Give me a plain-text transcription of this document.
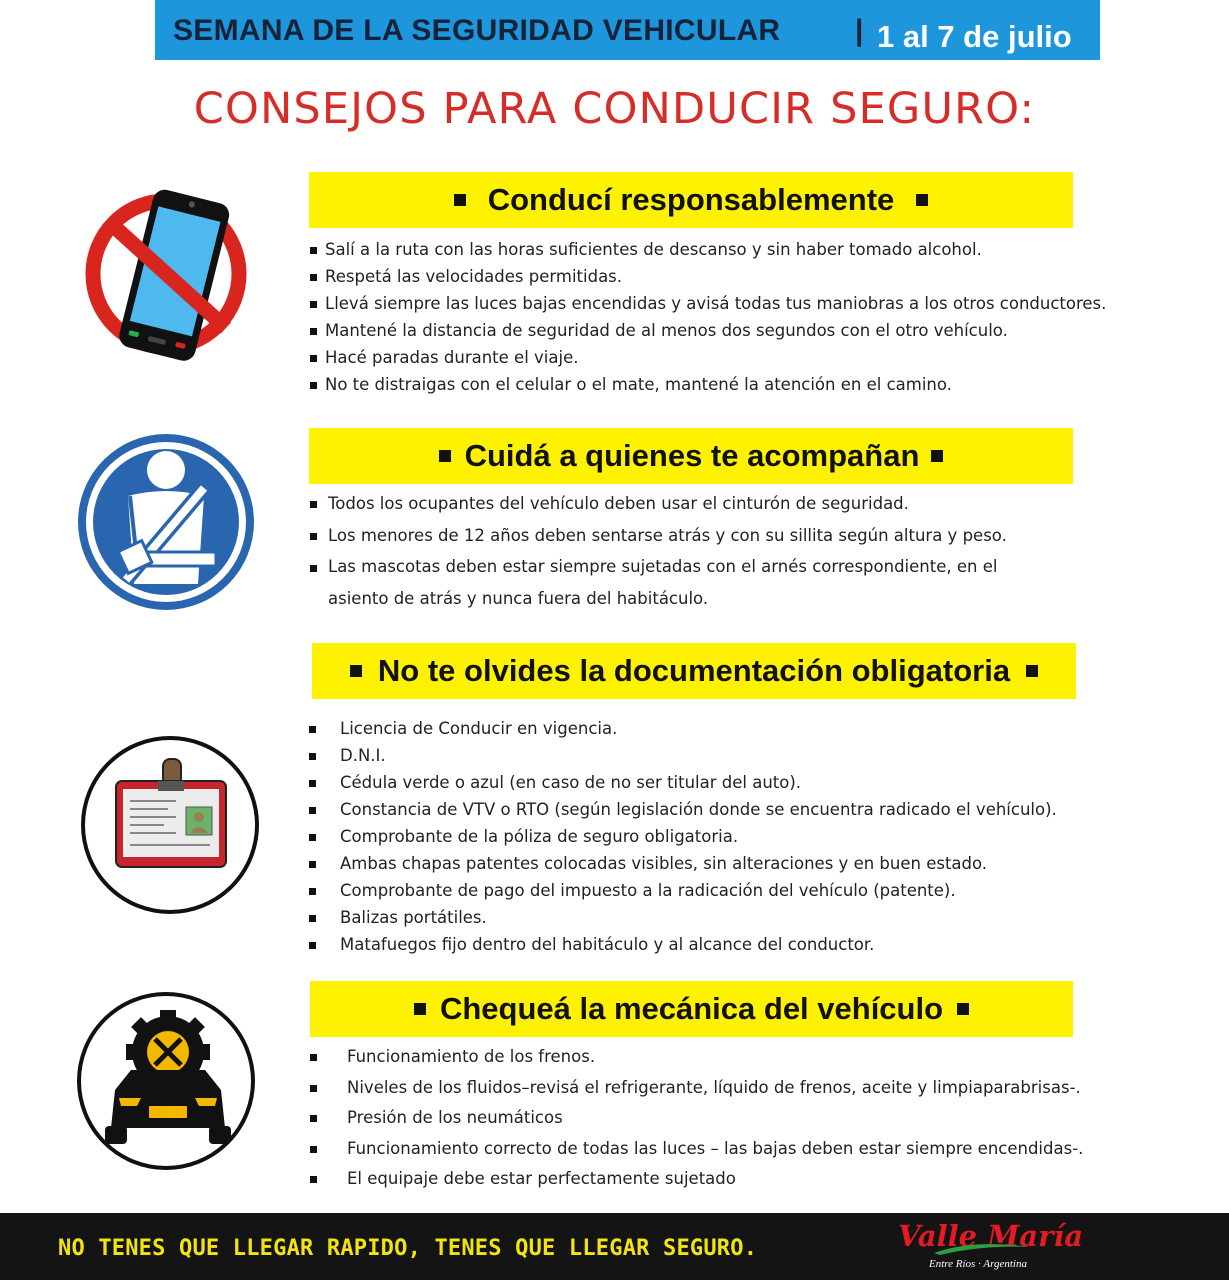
SEMANA DE LA SEGURIDAD VEHICULAR | 1 al 7 de julio
CONSEJOS PARA CONDUCIR SEGURO:
Conducí responsablemente
Salí a la ruta con las horas suficientes de descanso y sin haber tomado alcohol.
Respetá las velocidades permitidas.
Llevá siempre las luces bajas encendidas y avisá todas tus maniobras a los otros conductores.
Mantené la distancia de seguridad de al menos dos segundos con el otro vehículo.
Hacé paradas durante el viaje.
No te distraigas con el celular o el mate, mantené la atención en el camino.
Cuidá a quienes te acompañan
Todos los ocupantes del vehículo deben usar el cinturón de seguridad.
Los menores de 12 años deben sentarse atrás y con su sillita según altura y peso.
Las mascotas deben estar siempre sujetadas con el arnés correspondiente, en el asiento de atrás y nunca fuera del habitáculo.
No te olvides la documentación obligatoria
Licencia de Conducir en vigencia.
D.N.I.
Cédula verde o azul (en caso de no ser titular del auto).
Constancia de VTV o RTO (según legislación donde se encuentra radicado el vehículo).
Comprobante de la póliza de seguro obligatoria.
Ambas chapas patentes colocadas visibles, sin alteraciones y en buen estado.
Comprobante de pago del impuesto a la radicación del vehículo (patente).
Balizas portátiles.
Matafuegos fijo dentro del habitáculo y al alcance del conductor.
Chequeá la mecánica del vehículo
Funcionamiento de los frenos.
Niveles de los fluidos–revisá el refrigerante, líquido de frenos, aceite y limpiaparabrisas-.
Presión de los neumáticos
Funcionamiento correcto de todas las luces – las bajas deben estar siempre encendidas-.
El equipaje debe estar perfectamente sujetado
NO TENES QUE LLEGAR RAPIDO, TENES QUE LLEGAR SEGURO.	Valle María
Entre Ríos · Argentina
